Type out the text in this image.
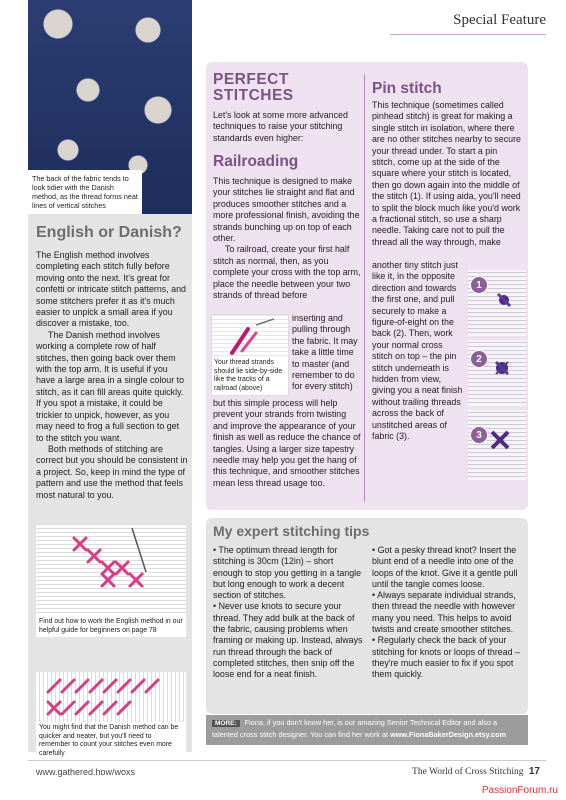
Special Feature
The back of the fabric tends to look tidier with the Danish method, as the thread forms neat lines of vertical stitches
English or Danish?

The English method involves completing each stitch fully before moving onto the next. It's great for confetti or intricate stitch patterns, and some stitchers prefer it as it's much easier to unpick a small area if you discover a mistake, too.

The Danish method involves working a complete row of half stitches, then going back over them with the top arm. It is useful if you have a large area in a single colour to stitch, as it can fill areas quite quickly. If you spot a mistake, it could be trickier to unpick, however, as you may need to frog a full section to get to the stitch you want.

Both methods of stitching are correct but you should be consistent in a project. So, keep in mind the type of pattern and use the method that feels most natural to you.

Find out how to work the English method in our helpful guide for beginners on page 78
You might find that the Danish method can be quicker and neater, but you'll need to remember to count your stitches even more carefully
PERFECT
STITCHES
Let's look at some more advanced techniques to raise your stitching standards even higher:
Railroading

This technique is designed to make your stitches lie straight and flat and produces smoother stitches and a more professional finish, avoiding the strands bunching up on top of each other.

To railroad, create your first half stitch as normal, then, as you complete your cross with the top arm, place the needle between your two strands of thread before

Your thread strands should lie side-by-side like the tracks of a railroad (above)
inserting and pulling through the fabric. It may take a little time to master (and remember to do for every stitch)
but this simple process will help prevent your strands from twisting and improve the appearance of your finish as well as reduce the chance of tangles. Using a larger size tapestry needle may help you get the hang of this technique, and smoother stitches mean less thread usage too.
Pin stitch
This technique (sometimes called pinhead stitch) is great for making a single stitch in isolation, where there are no other stitches nearby to secure your thread under. To start a pin stitch, come up at the side of the square where your stitch is located, then go down again into the middle of the stitch (1). If using aida, you'll need to split the block much like you'd work a fractional stitch, so use a sharp needle. Taking care not to pull the thread all the way through, make
another tiny stitch just like it, in the opposite direction and towards the first one, and pull securely to make a figure-of-eight on the back (2). Then, work your normal cross stitch on top – the pin stitch underneath is hidden from view, giving you a neat finish without trailing threads across the back of unstitched areas of fabric (3).
1
2
3
My expert stitching tips

• The optimum thread length for stitching is 30cm (12in) – short enough to stop you getting in a tangle but long enough to work a decent section of stitches.

• Never use knots to secure your thread. They add bulk at the back of the fabric, causing problems when framing or making up. Instead, always run thread through the back of completed stitches, then snip off the loose end for a neat finish.

• Got a pesky thread knot? Insert the blunt end of a needle into one of the loops of the knot. Give it a gentle pull until the tangle comes loose.

• Always separate individual strands, then thread the needle with however many you need. This helps to avoid twists and create smoother stitches.

• Regularly check the back of your stitching for knots or loops of thread – they're much easier to fix if you spot them quickly.

MORE: Fiona, if you don't know her, is our amazing Senior Technical Editor and also a talented cross stitch designer. You can find her work at www.FionaBakerDesign.etsy.com
www.gathered.how/woxs	The World of Cross Stitching 17
PassionForum.ru
